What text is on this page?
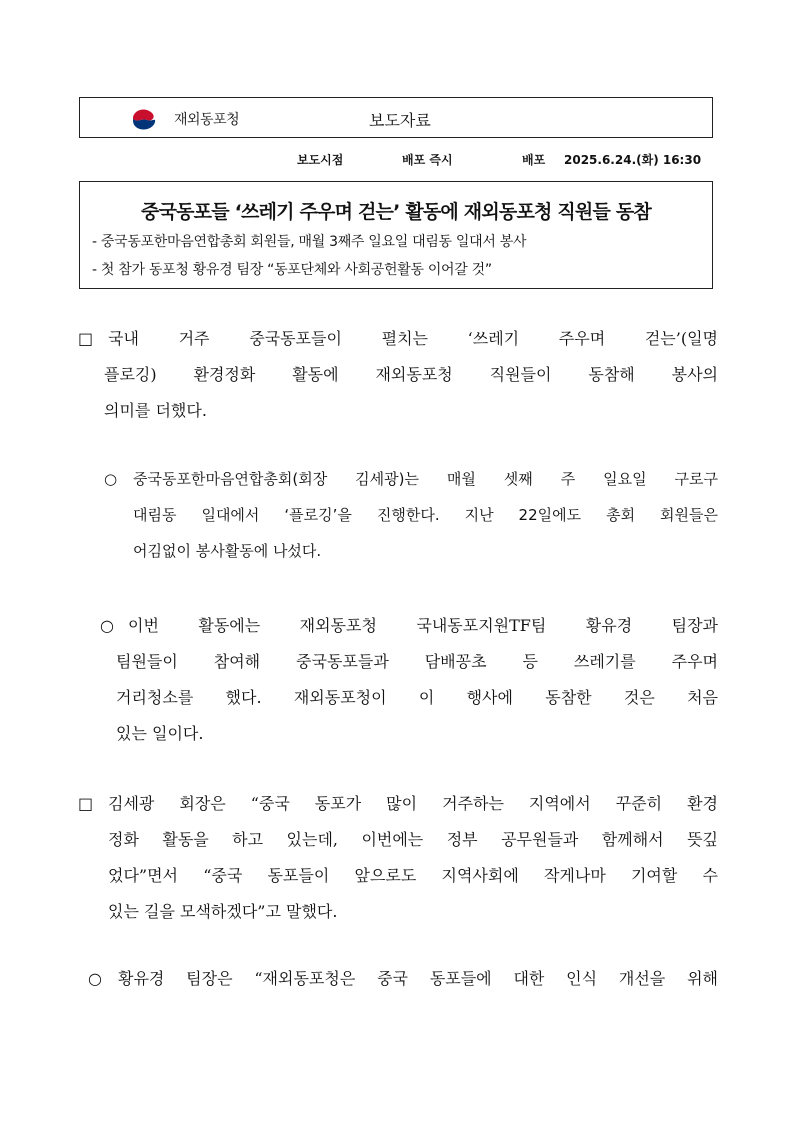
재외동포청	보도자료
보도시점	배포 즉시	배포 2025.6.24.(화) 16:30
중국동포들 ‘쓰레기 주우며 걷는’ 활동에 재외동포청 직원들 동참
- 중국동포한마음연합총회 회원들, 매월 3째주 일요일 대림동 일대서 봉사
- 첫 참가 동포청 황유경 팀장 “동포단체와 사회공헌활동 이어갈 것”
□ 국내 거주 중국동포들이 펼치는 ‘쓰레기 주우며 걷는’(일명
플로깅) 환경정화 활동에 재외동포청 직원들이 동참해 봉사의
의미를 더했다.
○ 중국동포한마음연합총회(회장 김세광)는 매월 셋째 주 일요일 구로구
대림동 일대에서 ‘플로깅’을 진행한다. 지난 22일에도 총회 회원들은
어김없이 봉사활동에 나섰다.
○ 이번 활동에는 재외동포청 국내동포지원TF팀 황유경 팀장과
팀원들이 참여해 중국동포들과 담배꽁초 등 쓰레기를 주우며
거리청소를 했다. 재외동포청이 이 행사에 동참한 것은 처음
있는 일이다.
□ 김세광 회장은 “중국 동포가 많이 거주하는 지역에서 꾸준히 환경
정화 활동을 하고 있는데, 이번에는 정부 공무원들과 함께해서 뜻깊
었다”면서 “중국 동포들이 앞으로도 지역사회에 작게나마 기여할 수
있는 길을 모색하겠다”고 말했다.
○ 황유경 팀장은 “재외동포청은 중국 동포들에 대한 인식 개선을 위해
